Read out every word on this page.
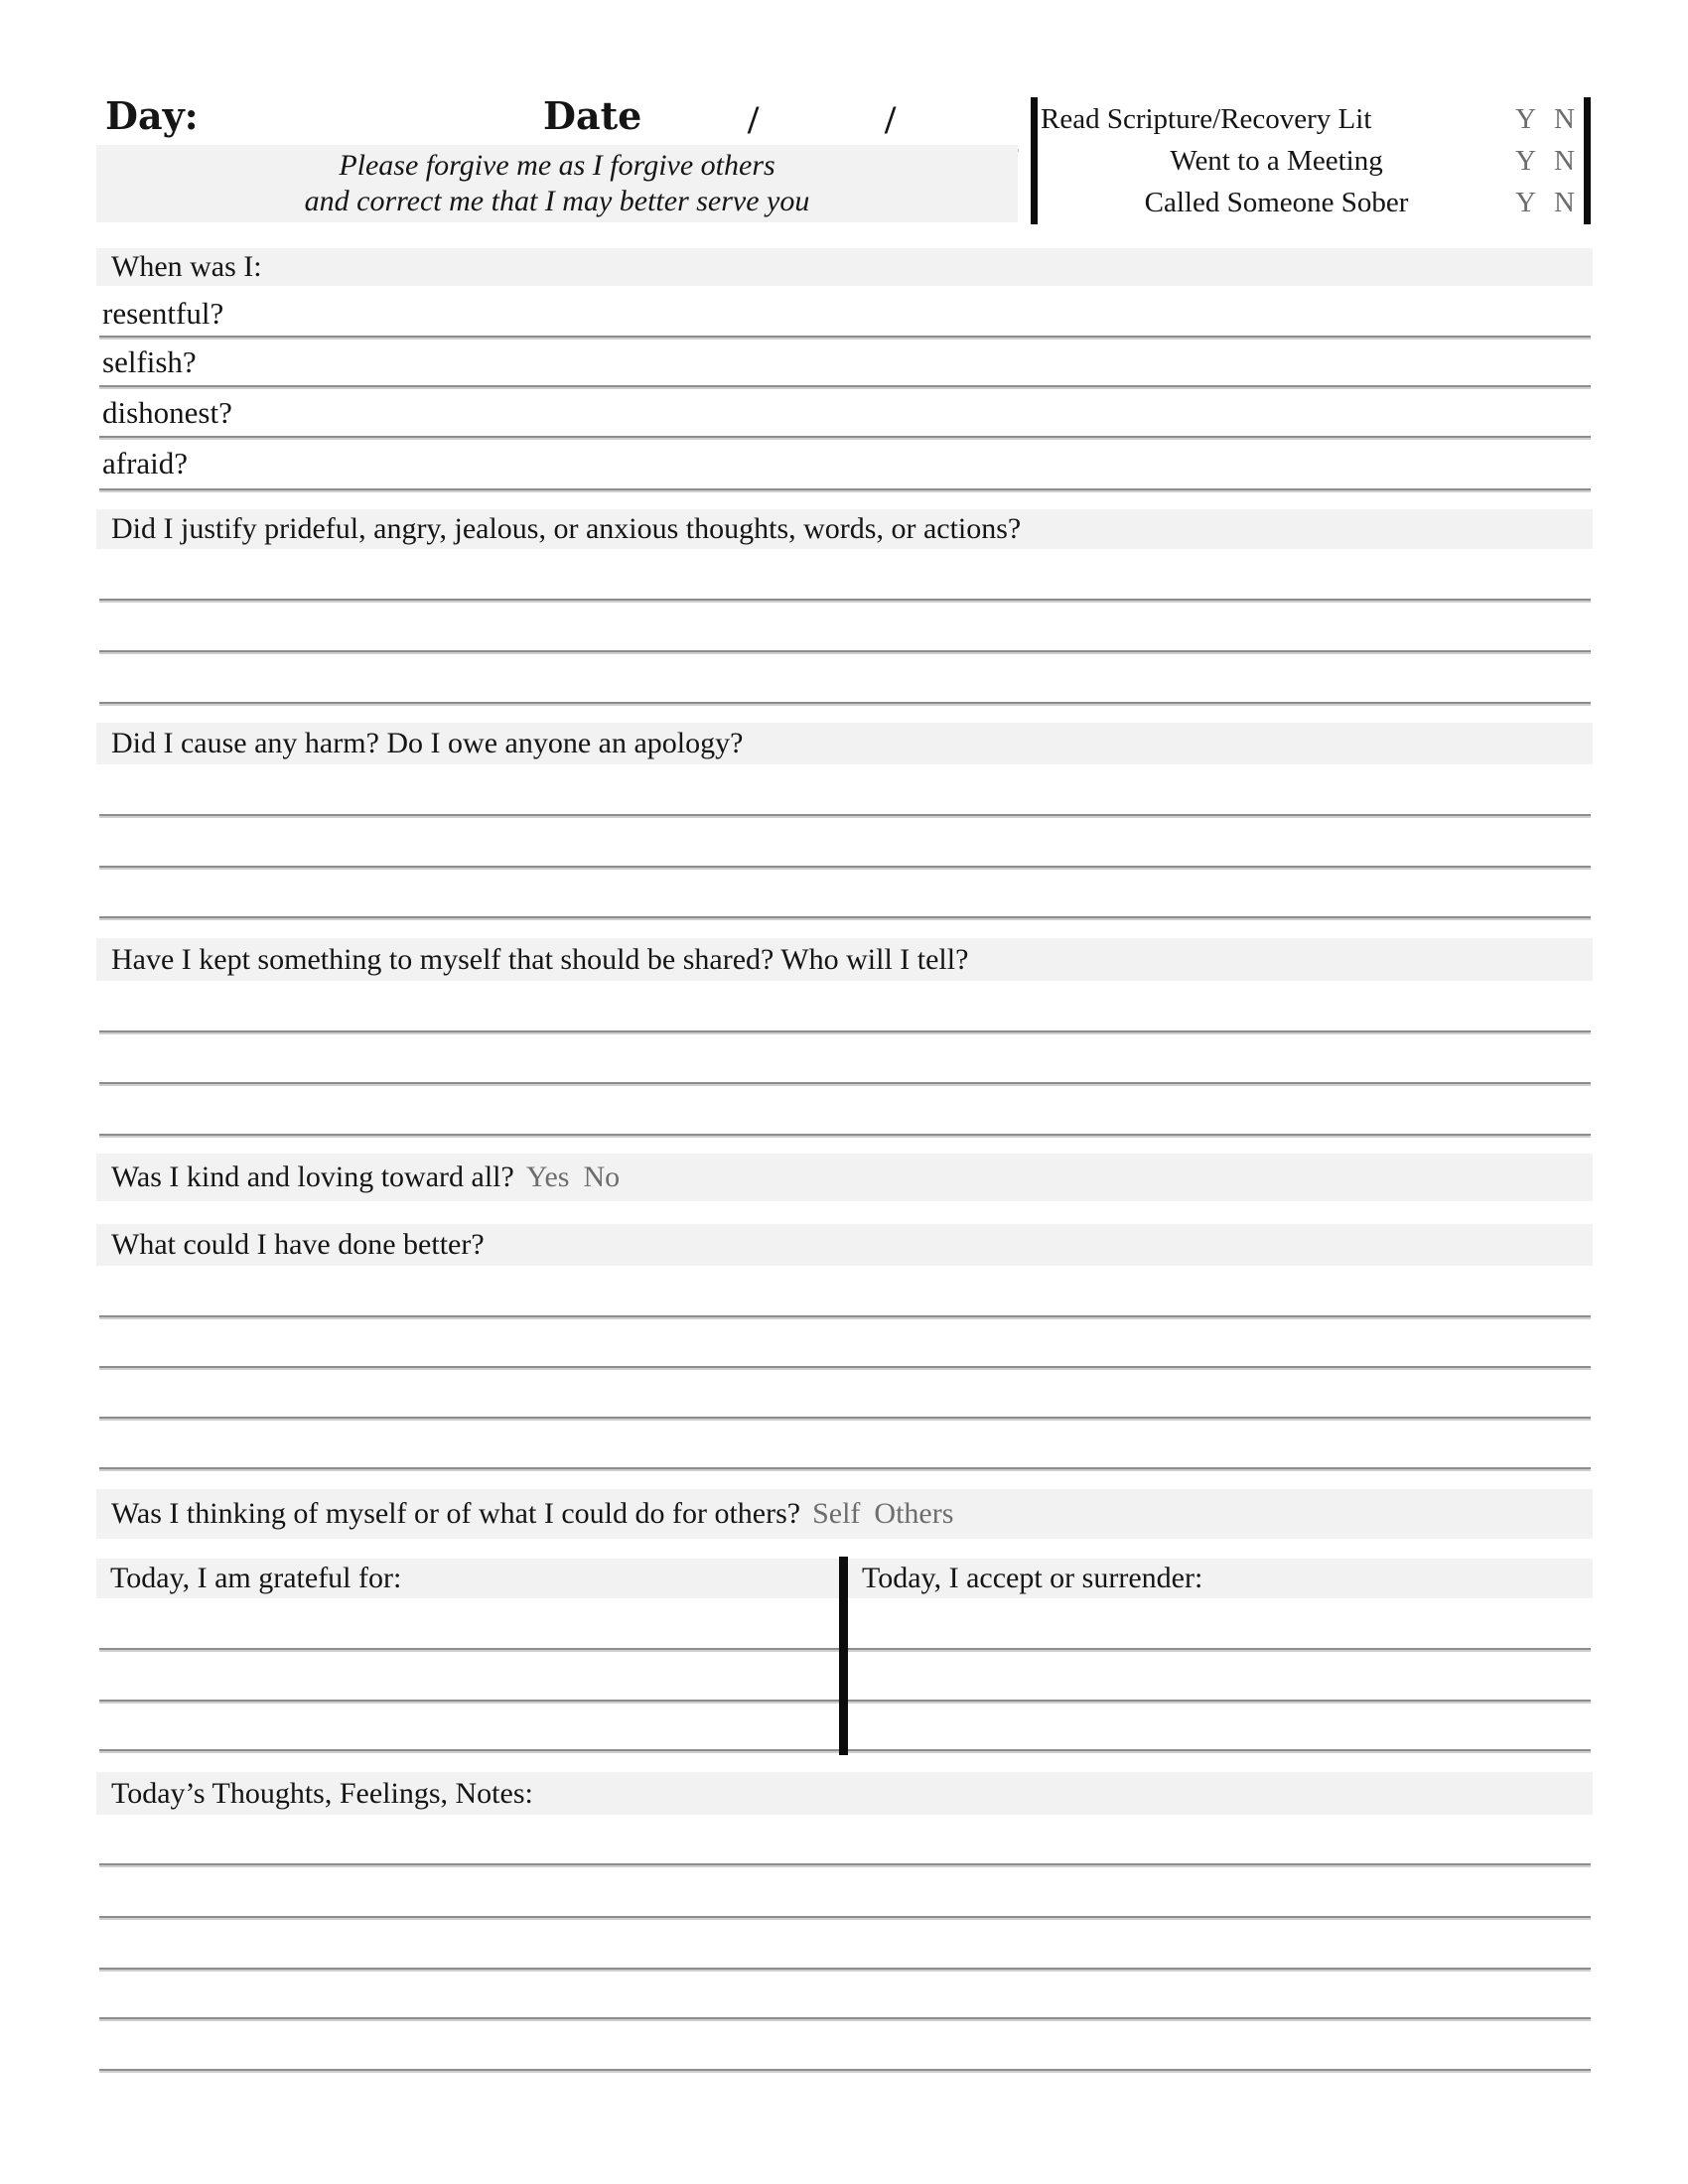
Day:	Date	/	/
Please forgive me as I forgive others
and correct me that I may better serve you
Read Scripture/Recovery Lit	Y N
Went to a Meeting	Y N
Called Someone Sober	Y N
When was I:
resentful?
selfish?
dishonest?
afraid?
Did I justify prideful, angry, jealous, or anxious thoughts, words, or actions?
Did I cause any harm? Do I owe anyone an apology?
Have I kept something to myself that should be shared? Who will I tell?
Was I kind and loving toward all? Yes No
What could I have done better?
Was I thinking of myself or of what I could do for others? Self Others
Today, I am grateful for:	Today, I accept or surrender:
Today’s Thoughts, Feelings, Notes:
